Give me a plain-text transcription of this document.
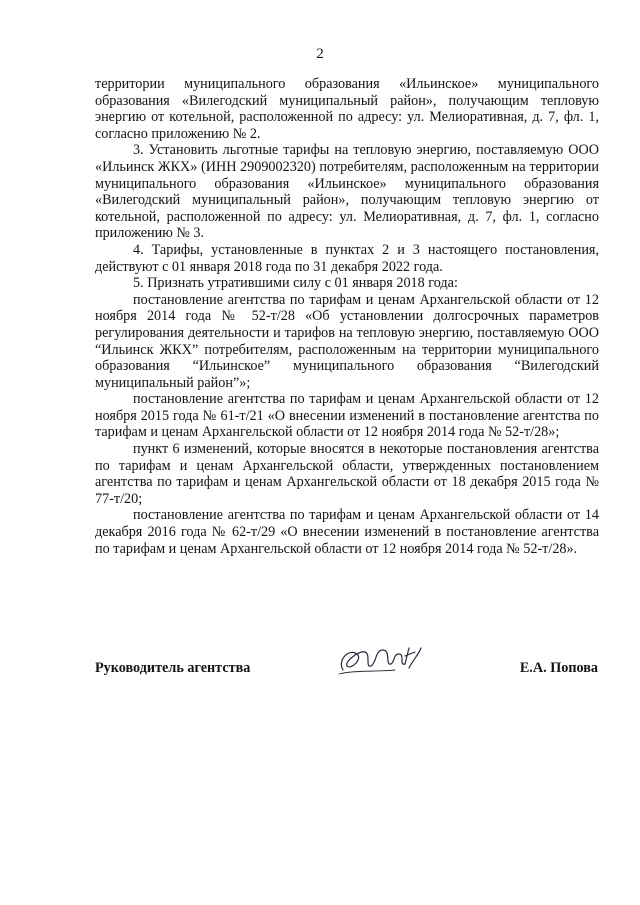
2

территории муниципального образования «Ильинское» муниципального образования «Вилегодский муниципальный район», получающим тепловую энергию от котельной, расположенной по адресу: ул. Мелиоративная, д. 7, фл. 1, согласно приложению № 2.

3. Установить льготные тарифы на тепловую энергию, поставляемую ООО «Ильинск ЖКХ» (ИНН 2909002320) потребителям, расположенным на территории муниципального образования «Ильинское» муниципального образования «Вилегодский муниципальный район», получающим тепловую энергию от котельной, расположенной по адресу: ул. Мелиоративная, д. 7, фл. 1, согласно приложению № 3.

4. Тарифы, установленные в пунктах 2 и 3 настоящего постановления, действуют с 01 января 2018 года по 31 декабря 2022 года.

5. Признать утратившими силу с 01 января 2018 года:

постановление агентства по тарифам и ценам Архангельской области от 12 ноября 2014 года № 52-т/28 «Об установлении долгосрочных параметров регулирования деятельности и тарифов на тепловую энергию, поставляемую ООО “Ильинск ЖКХ” потребителям, расположенным на территории муниципального образования “Ильинское” муниципального образования “Вилегодский муниципальный район”»;

постановление агентства по тарифам и ценам Архангельской области от 12 ноября 2015 года № 61-т/21 «О внесении изменений в постановление агентства по тарифам и ценам Архангельской области от 12 ноября 2014 года № 52-т/28»;

пункт 6 изменений, которые вносятся в некоторые постановления агентства по тарифам и ценам Архангельской области, утвержденных постановлением агентства по тарифам и ценам Архангельской области от 18 декабря 2015 года № 77-т/20;

постановление агентства по тарифам и ценам Архангельской области от 14 декабря 2016 года № 62-т/29 «О внесении изменений в постановление агентства по тарифам и ценам Архангельской области от 12 ноября 2014 года № 52-т/28».

Руководитель агентства	Е.А. Попова
